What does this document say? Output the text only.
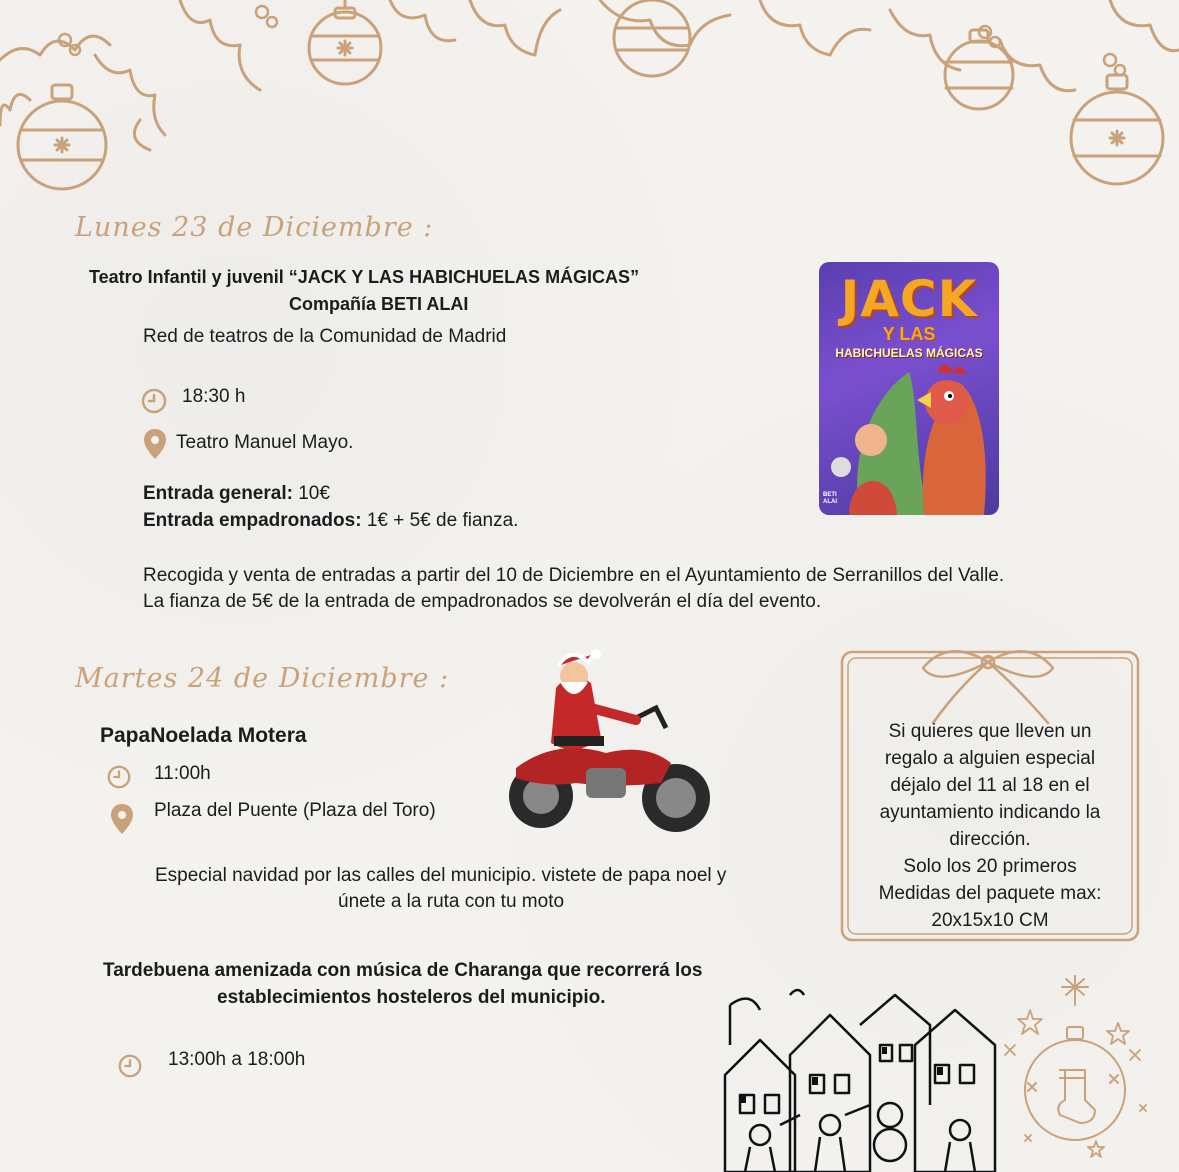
Lunes 23 de Diciembre :
Teatro Infantil y juvenil “JACK Y LAS HABICHUELAS MÁGICAS”
Compañía BETI ALAI
Red de teatros de la Comunidad de Madrid
18:30 h
Teatro Manuel Mayo.
Entrada general: 10€
Entrada empadronados: 1€ + 5€ de fianza.
Recogida y venta de entradas a partir del 10 de Diciembre en el Ayuntamiento de Serranillos del Valle.
La fianza de 5€ de la entrada de empadronados se devolverán el día del evento.
JACK
Y LAS
HABICHUELAS MÁGICAS
BETI ALAI
Martes 24 de Diciembre :
PapaNoelada Motera
11:00h
Plaza del Puente (Plaza del Toro)
Especial navidad por las calles del municipio. vistete de papa noel y
únete a la ruta con tu moto
Si quieres que lleven un
regalo a alguien especial
déjalo del 11 al 18 en el
ayuntamiento indicando la
dirección.
Solo los 20 primeros
Medidas del paquete max:
20x15x10 CM
Tardebuena amenizada con música de Charanga que recorrerá los
establecimientos hosteleros del municipio.
13:00h a 18:00h
